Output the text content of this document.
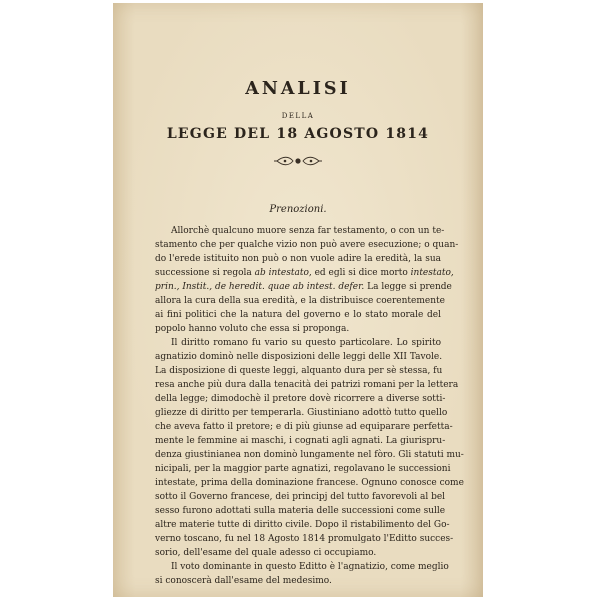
ANALISI
DELLA
LEGGE DEL 18 AGOSTO 1814
Prenozioni.
Allorchè qualcuno muore senza far testamento, o con un te-
stamento che per qualche vizio non può avere esecuzione; o quan-
do l'erede istituito non può o non vuole adire la eredità, la sua
successione si regola ab intestato, ed egli si dice morto intestato,
prin., Instit., de heredit. quae ab intest. defer. La legge si prende
allora la cura della sua eredità, e la distribuisce coerentemente
ai fini politici che la natura del governo e lo stato morale del
popolo hanno voluto che essa si proponga.
Il diritto romano fu vario su questo particolare. Lo spirito
agnatizio dominò nelle disposizioni delle leggi delle XII Tavole.
La disposizione di queste leggi, alquanto dura per sè stessa, fu
resa anche più dura dalla tenacità dei patrizi romani per la lettera
della legge; dimodochè il pretore dovè ricorrere a diverse sotti-
gliezze di diritto per temperarla. Giustiniano adottò tutto quello
che aveva fatto il pretore; e di più giunse ad equiparare perfetta-
mente le femmine ai maschi, i cognati agli agnati. La giurispru-
denza giustinianea non dominò lungamente nel fòro. Gli statuti mu-
nicipali, per la maggior parte agnatizi, regolavano le successioni
intestate, prima della dominazione francese. Ognuno conosce come
sotto il Governo francese, dei principj del tutto favorevoli al bel
sesso furono adottati sulla materia delle successioni come sulle
altre materie tutte di diritto civile. Dopo il ristabilimento del Go-
verno toscano, fu nel 18 Agosto 1814 promulgato l'Editto succes-
sorio, dell'esame del quale adesso ci occupiamo.
Il voto dominante in questo Editto è l'agnatizio, come meglio
si conoscerà dall'esame del medesimo.
